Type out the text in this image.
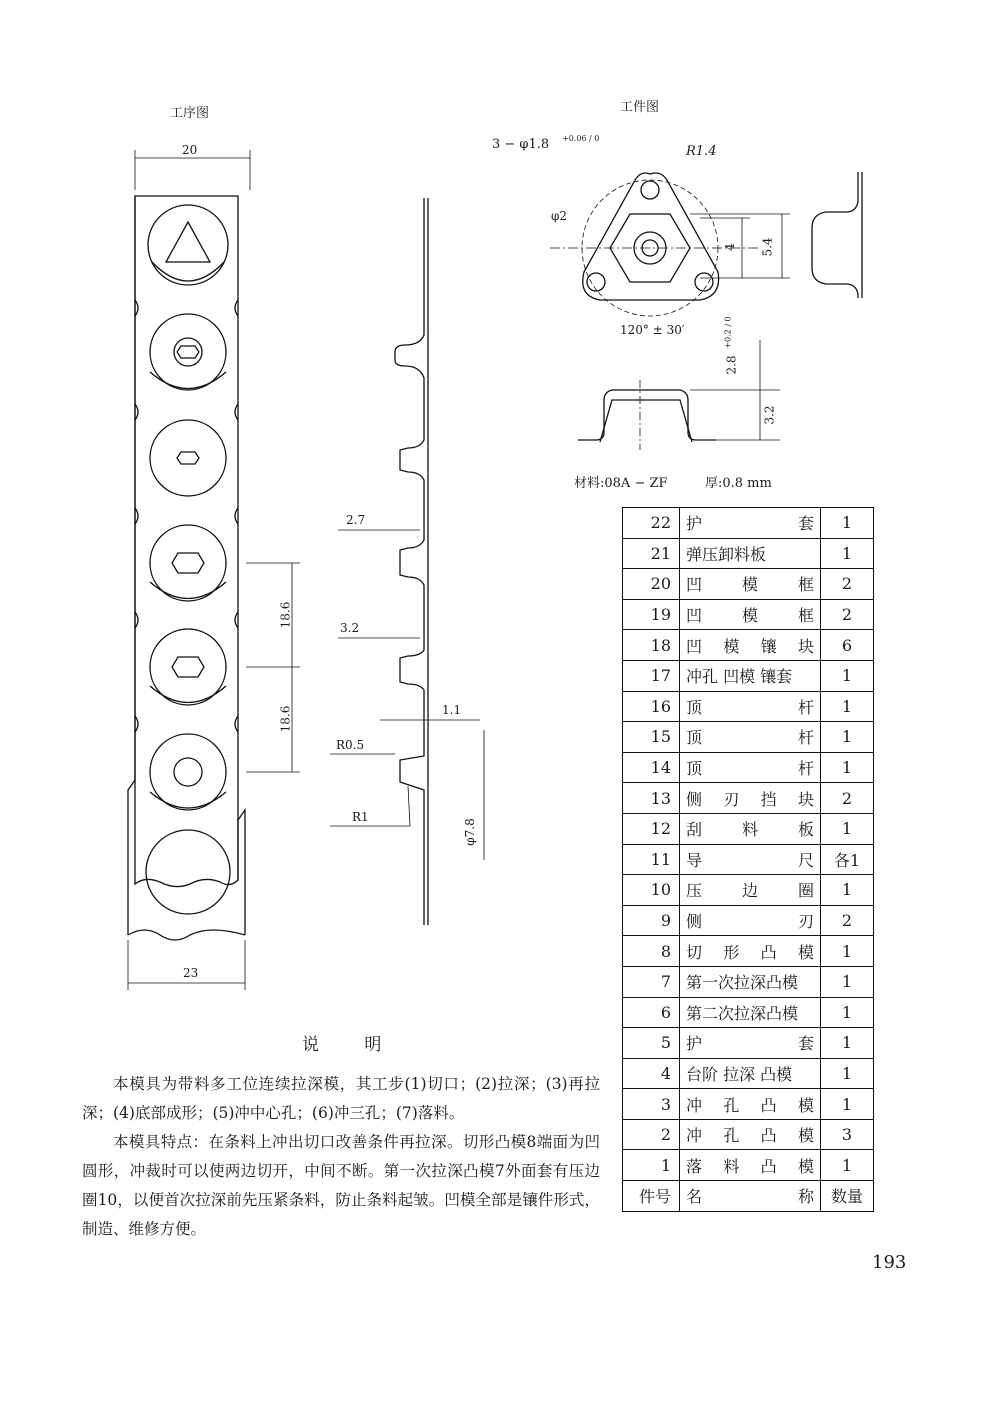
工序图	工件图
20
23
18.6
18.6
2.7
3.2
1.1
R0.5
R1
φ7.8
3 − φ1.8 +0.06 / 0
R1.4
φ2
4 5.4
120° ± 30′
2.8
+0.2 / 0
3.2
材料:08A − ZF	厚:0.8 mm
22	护 套	1
21	弹压卸料板	1
20	凹 模 框	2
19	凹 模 框	2
18	凹 模 镶 块	6
17	冲孔 凹模 镶套	1
16	顶 杆	1
15	顶 杆	1
14	顶 杆	1
13	侧 刃 挡 块	2
12	刮 料 板	1
11	导 尺	各1
10	压 边 圈	1
9	侧 刃	2
8	切 形 凸 模	1
7	第一次拉深凸模	1
6	第二次拉深凸模	1
5	护 套	1
4	台阶 拉深 凸模	1
3	冲 孔 凸 模	1
2	冲 孔 凸 模	3
1	落 料 凸 模	1
件号	名 称	数量
说 明

本模具为带料多工位连续拉深模，其工步(1)切口；(2)拉深；(3)再拉深；(4)底部成形；(5)冲中心孔；(6)冲三孔；(7)落料。

本模具特点：在条料上冲出切口改善条件再拉深。切形凸模8端面为凹圆形，冲裁时可以使两边切开，中间不断。第一次拉深凸模7外面套有压边圈10，以便首次拉深前先压紧条料，防止条料起皱。凹模全部是镶件形式，制造、维修方便。

193
